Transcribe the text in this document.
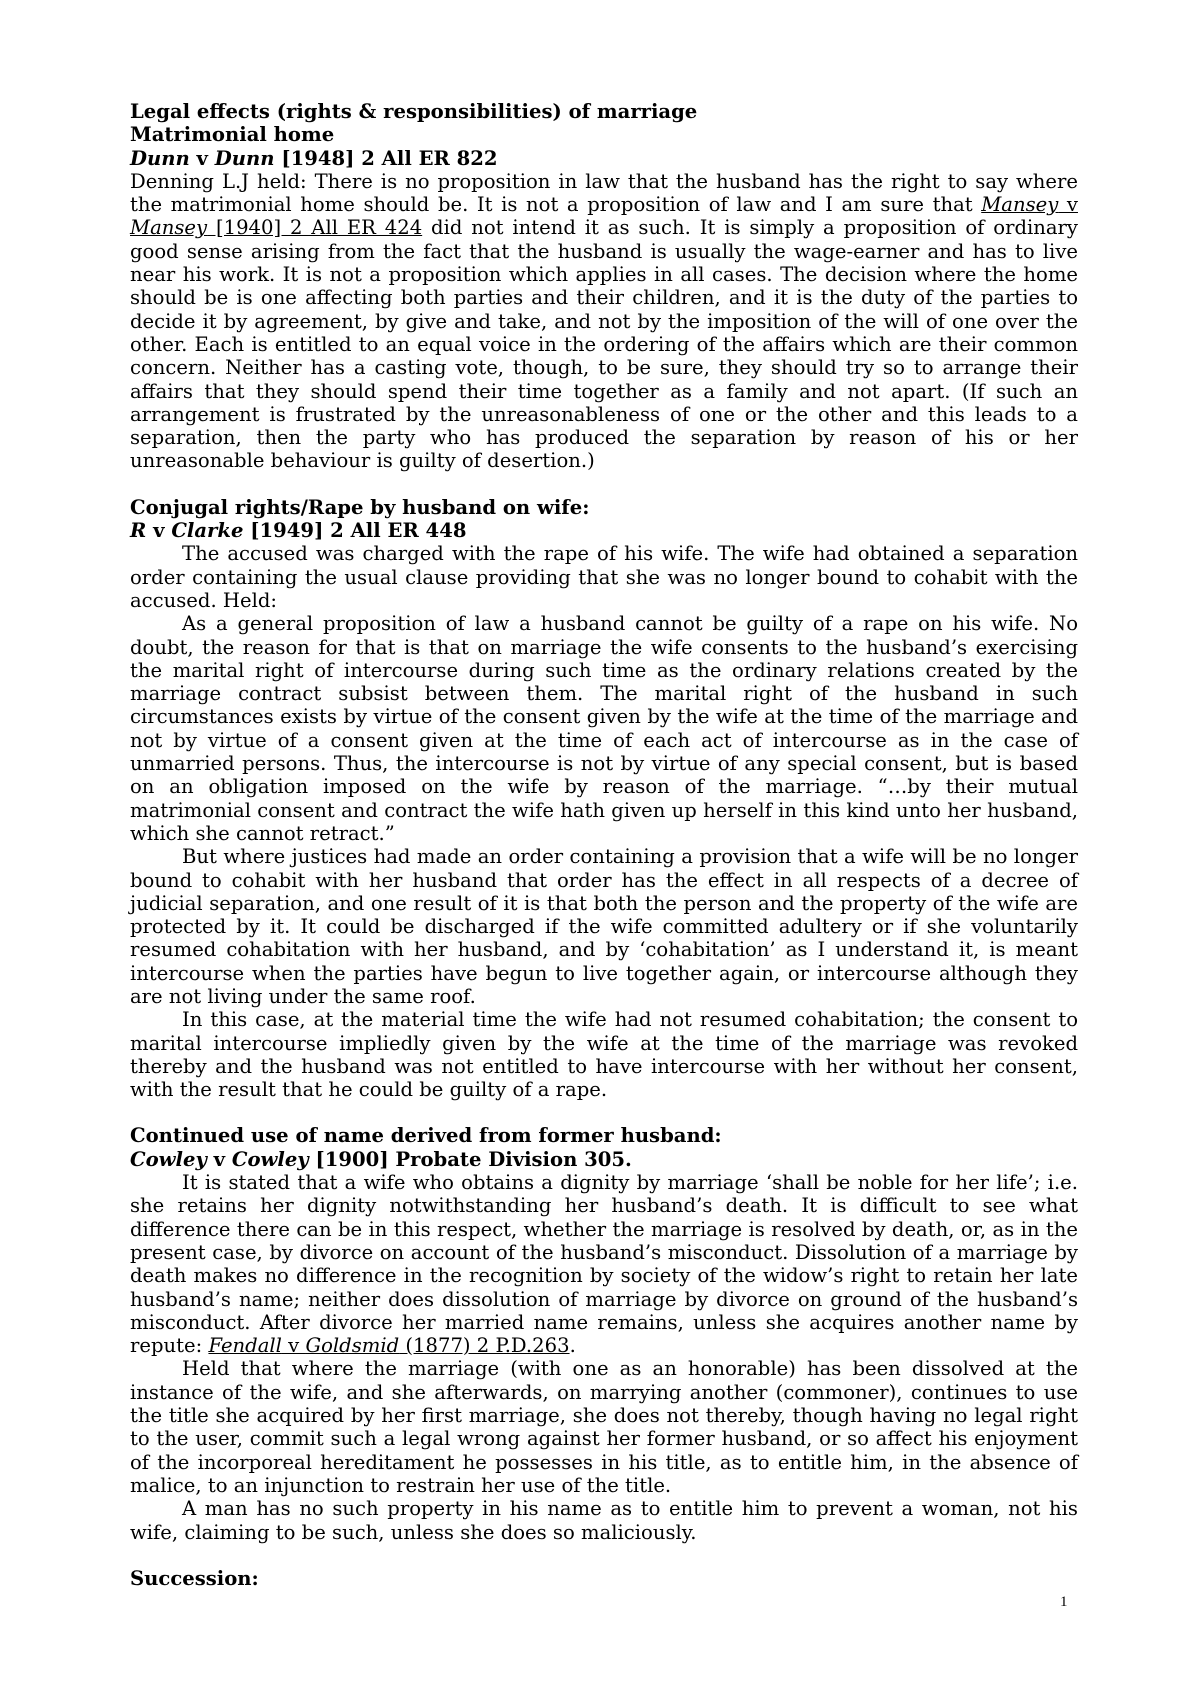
Legal effects (rights & responsibilities) of marriage

Matrimonial home

Dunn v Dunn [1948] 2 All ER 822

Denning L.J held: There is no proposition in law that the husband has the right to say where the matrimonial home should be. It is not a proposition of law and I am sure that Mansey v Mansey [1940] 2 All ER 424 did not intend it as such. It is simply a proposition of ordinary good sense arising from the fact that the husband is usually the wage-earner and has to live near his work. It is not a proposition which applies in all cases. The decision where the home should be is one affecting both parties and their children, and it is the duty of the parties to decide it by agreement, by give and take, and not by the imposition of the will of one over the other. Each is entitled to an equal voice in the ordering of the affairs which are their common concern. Neither has a casting vote, though, to be sure, they should try so to arrange their affairs that they should spend their time together as a family and not apart. (If such an arrangement is frustrated by the unreasonableness of one or the other and this leads to a separation, then the party who has produced the separation by reason of his or her unreasonable behaviour is guilty of desertion.)

Conjugal rights/Rape by husband on wife:

R v Clarke [1949] 2 All ER 448

The accused was charged with the rape of his wife. The wife had obtained a separation order containing the usual clause providing that she was no longer bound to cohabit with the accused. Held:

As a general proposition of law a husband cannot be guilty of a rape on his wife. No doubt, the reason for that is that on marriage the wife consents to the husband’s exercising the marital right of intercourse during such time as the ordinary relations created by the marriage contract subsist between them. The marital right of the husband in such circumstances exists by virtue of the consent given by the wife at the time of the marriage and not by virtue of a consent given at the time of each act of intercourse as in the case of unmarried persons. Thus, the intercourse is not by virtue of any special consent, but is based on an obligation imposed on the wife by reason of the marriage. “…by their mutual matrimonial consent and contract the wife hath given up herself in this kind unto her husband, which she cannot retract.”

But where justices had made an order containing a provision that a wife will be no longer bound to cohabit with her husband that order has the effect in all respects of a decree of judicial separation, and one result of it is that both the person and the property of the wife are protected by it. It could be discharged if the wife committed adultery or if she voluntarily resumed cohabitation with her husband, and by ‘cohabitation’ as I understand it, is meant intercourse when the parties have begun to live together again, or intercourse although they are not living under the same roof.

In this case, at the material time the wife had not resumed cohabitation; the consent to marital intercourse impliedly given by the wife at the time of the marriage was revoked thereby and the husband was not entitled to have intercourse with her without her consent, with the result that he could be guilty of a rape.

Continued use of name derived from former husband:

Cowley v Cowley [1900] Probate Division 305.

It is stated that a wife who obtains a dignity by marriage ‘shall be noble for her life’; i.e. she retains her dignity notwithstanding her husband’s death. It is difficult to see what difference there can be in this respect, whether the marriage is resolved by death, or, as in the present case, by divorce on account of the husband’s misconduct. Dissolution of a marriage by death makes no difference in the recognition by society of the widow’s right to retain her late husband’s name; neither does dissolution of marriage by divorce on ground of the husband’s misconduct. After divorce her married name remains, unless she acquires another name by repute: Fendall v Goldsmid (1877) 2 P.D.263.

Held that where the marriage (with one as an honorable) has been dissolved at the instance of the wife, and she afterwards, on marrying another (commoner), continues to use the title she acquired by her first marriage, she does not thereby, though having no legal right to the user, commit such a legal wrong against her former husband, or so affect his enjoyment of the incorporeal hereditament he possesses in his title, as to entitle him, in the absence of malice, to an injunction to restrain her use of the title.

A man has no such property in his name as to entitle him to prevent a woman, not his wife, claiming to be such, unless she does so maliciously.

Succession:

1
